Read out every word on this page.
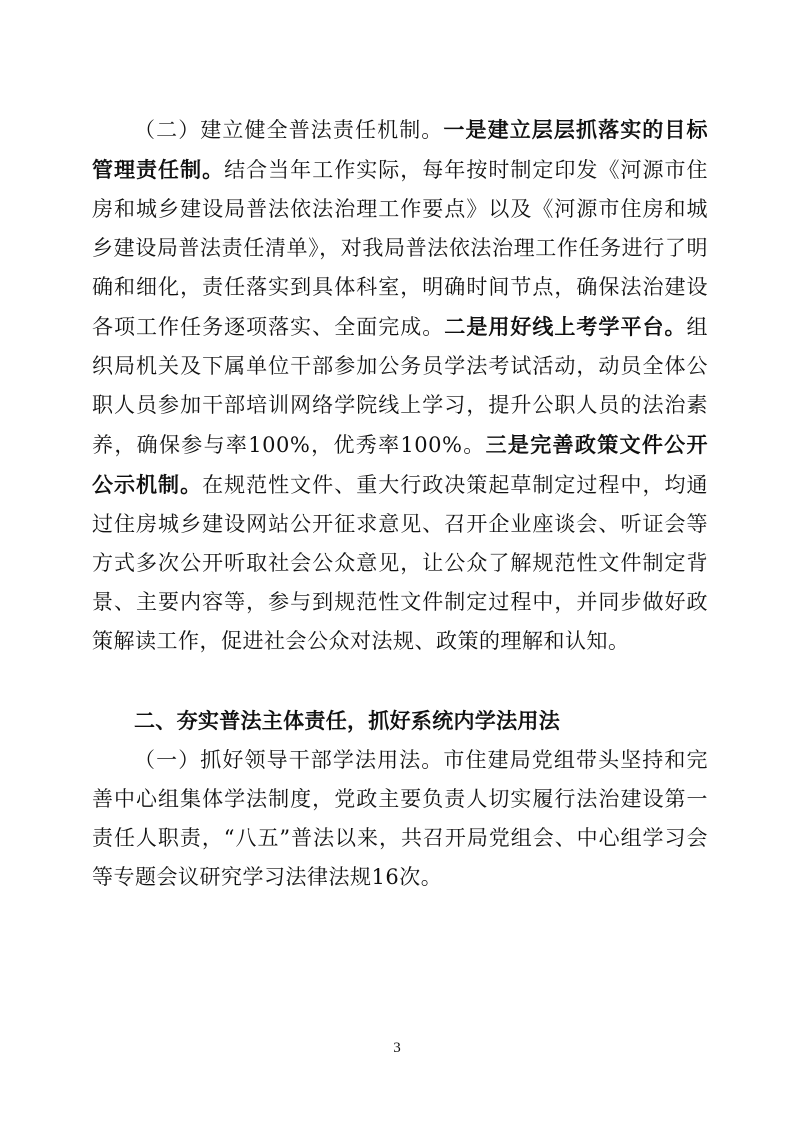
（二）建立健全普法责任机制。一是建立层层抓落实的目标管理责任制。结合当年工作实际，每年按时制定印发《河源市住房和城乡建设局普法依法治理工作要点》以及《河源市住房和城乡建设局普法责任清单》，对我局普法依法治理工作任务进行了明确和细化，责任落实到具体科室，明确时间节点，确保法治建设各项工作任务逐项落实、全面完成。二是用好线上考学平台。组织局机关及下属单位干部参加公务员学法考试活动，动员全体公职人员参加干部培训网络学院线上学习，提升公职人员的法治素养，确保参与率100%，优秀率100%。三是完善政策文件公开公示机制。在规范性文件、重大行政决策起草制定过程中，均通过住房城乡建设网站公开征求意见、召开企业座谈会、听证会等方式多次公开听取社会公众意见，让公众了解规范性文件制定背景、主要内容等，参与到规范性文件制定过程中，并同步做好政策解读工作，促进社会公众对法规、政策的理解和认知。

二、夯实普法主体责任，抓好系统内学法用法

（一）抓好领导干部学法用法。市住建局党组带头坚持和完善中心组集体学法制度，党政主要负责人切实履行法治建设第一责任人职责，“八五”普法以来，共召开局党组会、中心组学习会等专题会议研究学习法律法规16次。

3
